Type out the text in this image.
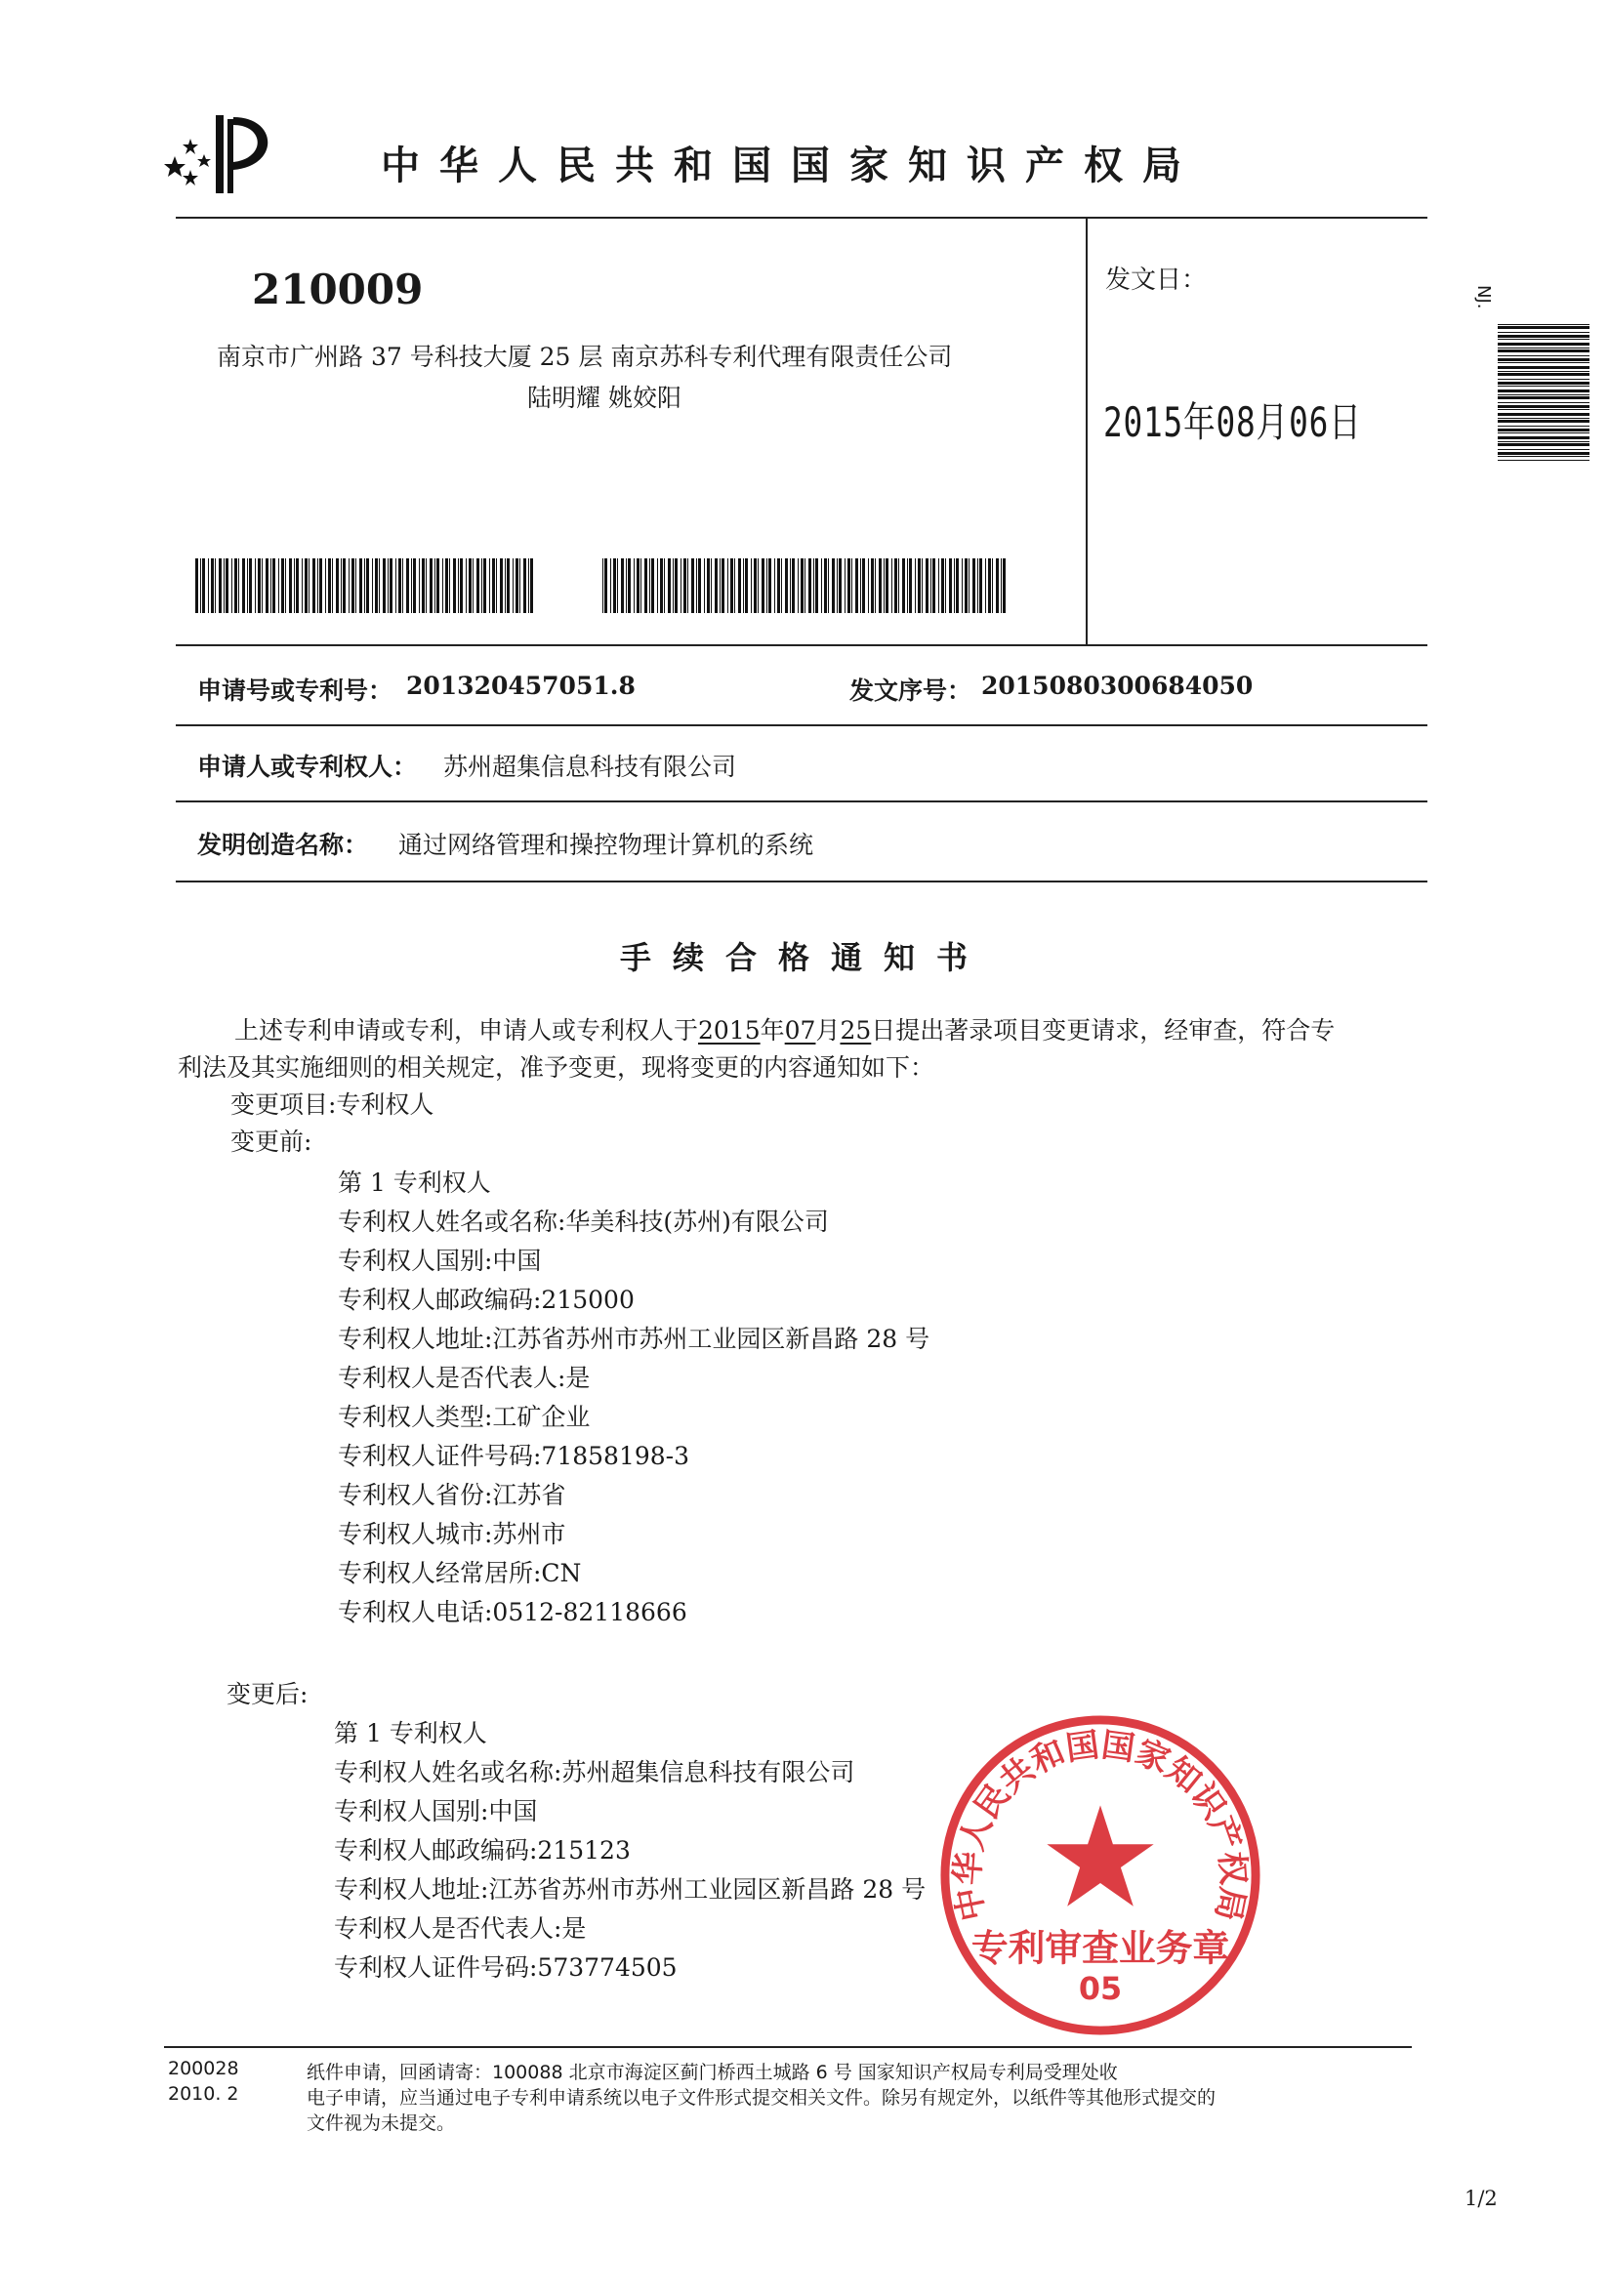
中华人民共和国国家知识产权局
210009
南京市广州路 37 号科技大厦 25 层 南京苏科专利代理有限责任公司
陆明耀 姚姣阳
发文日：
2015年08月06日
NJ.
申请号或专利号： 201320457051.8	发文序号： 2015080300684050
申请人或专利权人： 苏州超集信息科技有限公司
发明创造名称： 通过网络管理和操控物理计算机的系统
手续合格通知书
上述专利申请或专利，申请人或专利权人于2015年07月25日提出著录项目变更请求，经审查，符合专
利法及其实施细则的相关规定，准予变更，现将变更的内容通知如下：
变更项目:专利权人
变更前:
第 1 专利权人
专利权人姓名或名称:华美科技(苏州)有限公司
专利权人国别:中国
专利权人邮政编码:215000
专利权人地址:江苏省苏州市苏州工业园区新昌路 28 号
专利权人是否代表人:是
专利权人类型:工矿企业
专利权人证件号码:71858198-3
专利权人省份:江苏省
专利权人城市:苏州市
专利权人经常居所:CN
专利权人电话:0512-82118666
变更后:
第 1 专利权人
专利权人姓名或名称:苏州超集信息科技有限公司
专利权人国别:中国
专利权人邮政编码:215123
专利权人地址:江苏省苏州市苏州工业园区新昌路 28 号
专利权人是否代表人:是
专利权人证件号码:573774505
中华人民共和国国家知识产权局
专利审查业务章
05
200028
2010. 2
纸件申请，回函请寄：100088 北京市海淀区蓟门桥西土城路 6 号 国家知识产权局专利局受理处收
电子申请，应当通过电子专利申请系统以电子文件形式提交相关文件。除另有规定外，以纸件等其他形式提交的
文件视为未提交。
1/2
